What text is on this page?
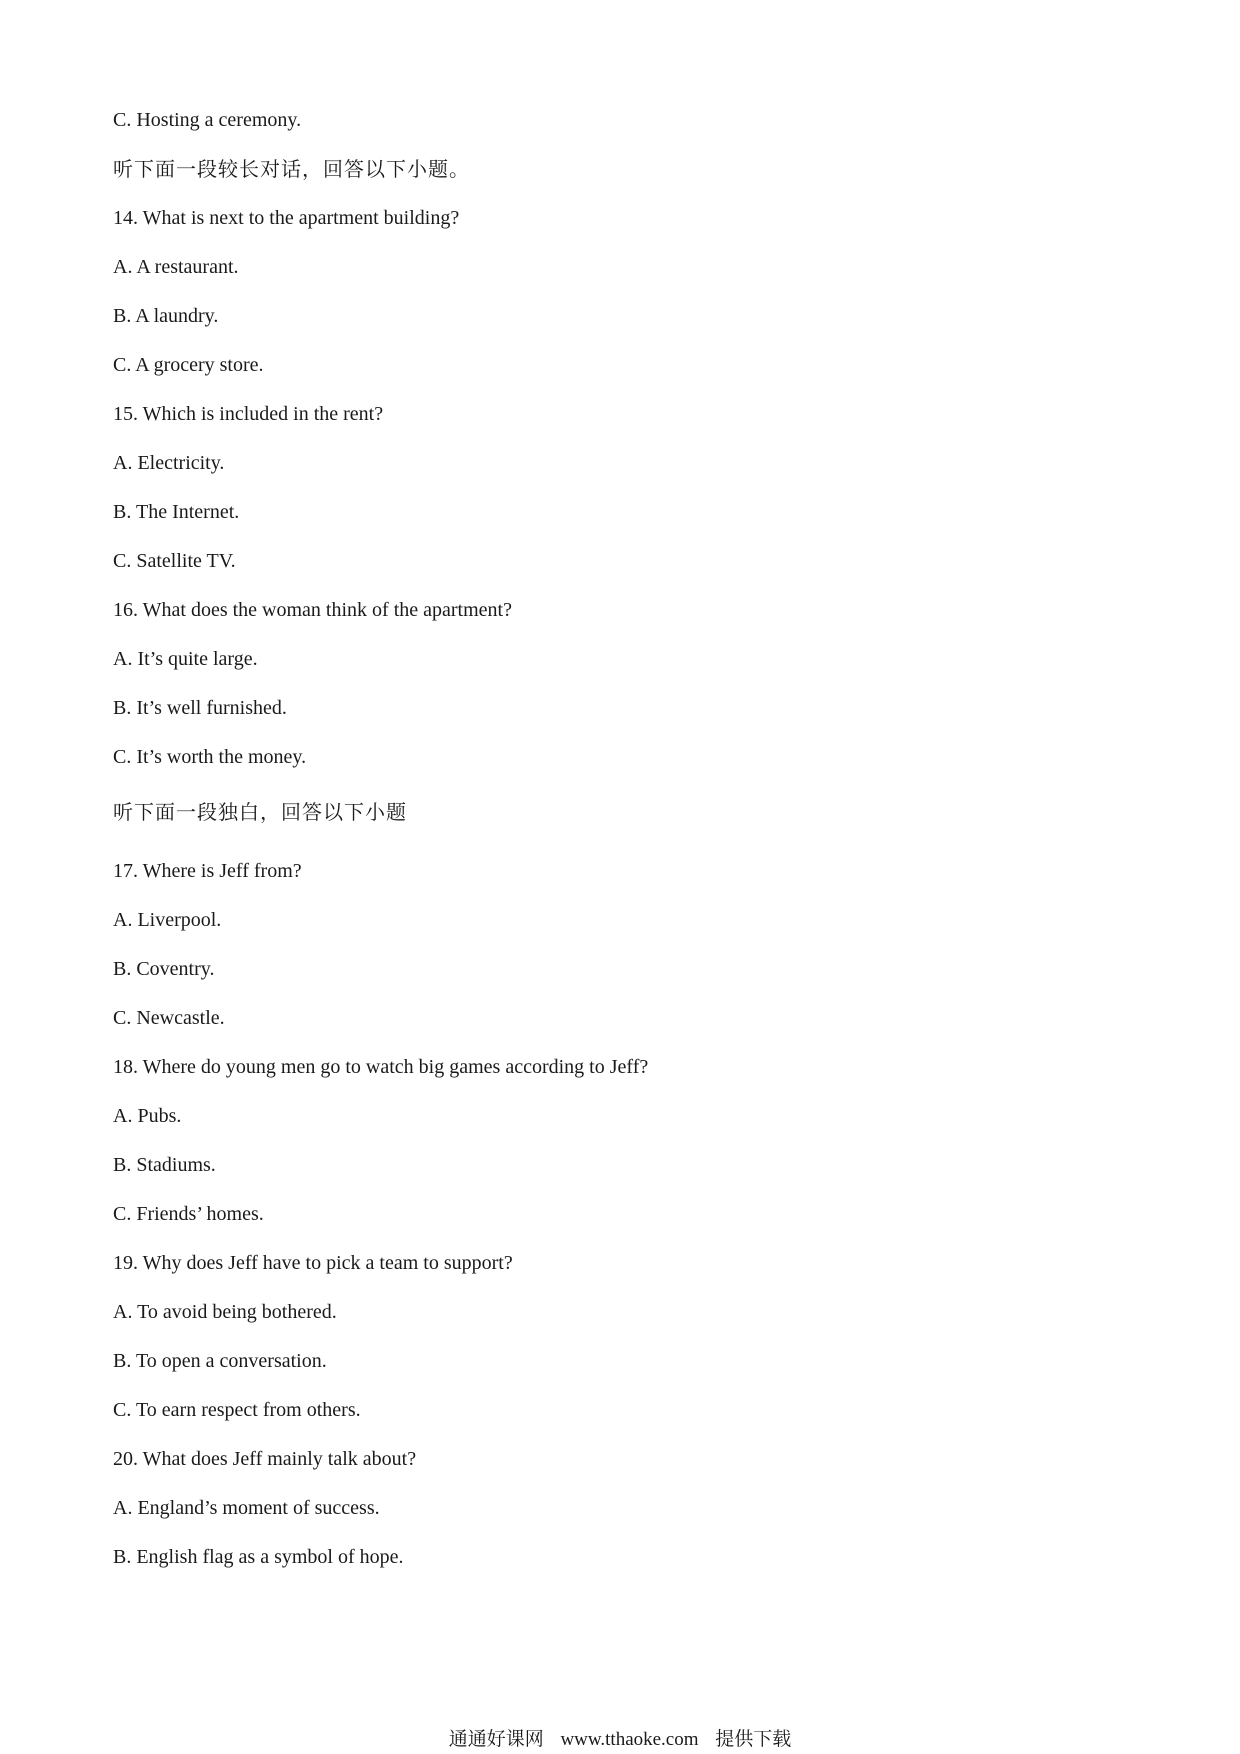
C. Hosting a ceremony.
听下面一段较长对话，回答以下小题。
14. What is next to the apartment building?
A. A restaurant.
B. A laundry.
C. A grocery store.
15. Which is included in the rent?
A. Electricity.
B. The Internet.
C. Satellite TV.
16. What does the woman think of the apartment?
A. It’s quite large.
B. It’s well furnished.
C. It’s worth the money.
听下面一段独白，回答以下小题
17. Where is Jeff from?
A. Liverpool.
B. Coventry.
C. Newcastle.
18. Where do young men go to watch big games according to Jeff?
A. Pubs.
B. Stadiums.
C. Friends’ homes.
19. Why does Jeff have to pick a team to support?
A. To avoid being bothered.
B. To open a conversation.
C. To earn respect from others.
20. What does Jeff mainly talk about?
A. England’s moment of success.
B. English flag as a symbol of hope.
通通好课网 www.tthaoke.com 提供下载
